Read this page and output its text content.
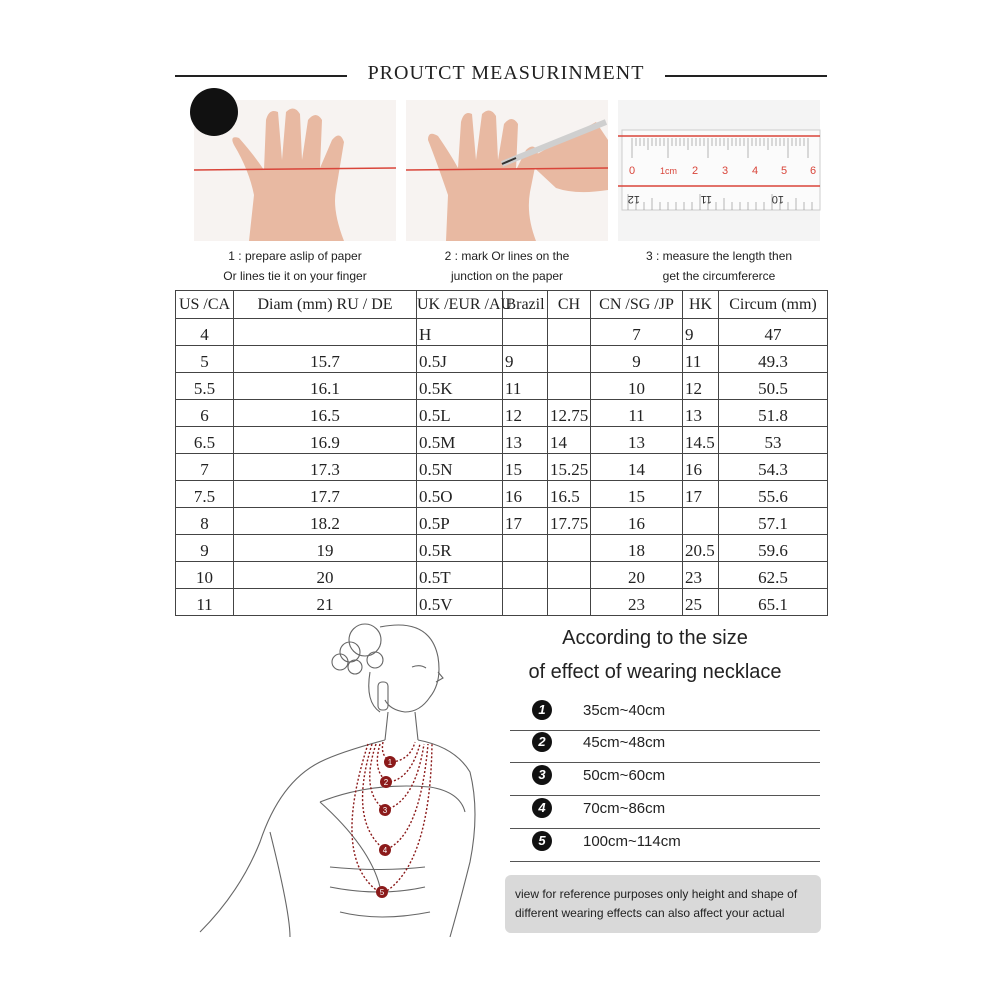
PROUTCT MEASURINMENT
1 : prepare aslip of paper
Or lines tie it on your finger
2 : mark Or lines on the
junction on the paper
0	1cm 2 3 4 5 6
12	11	10
3 : measure the length then
get the circumfererce
US /CA	Diam (mm) RU / DE	UK /EUR /AU	Brazil	CH	CN /SG /JP	HK	Circum (mm)
4		H			7	9	47
5	15.7	0.5J	9		9	11	49.3
5.5	16.1	0.5K	11		10	12	50.5
6	16.5	0.5L	12	12.75	11	13	51.8
6.5	16.9	0.5M	13	14	13	14.5	53
7	17.3	0.5N	15	15.25	14	16	54.3
7.5	17.7	0.5O	16	16.5	15	17	55.6
8	18.2	0.5P	17	17.75	16		57.1
9	19	0.5R			18	20.5	59.6
10	20	0.5T			20	23	62.5
11	21	0.5V			23	25	65.1
1
2
3
4
5
According to the size
of effect of wearing necklace
1	35cm~40cm
2	45cm~48cm
3	50cm~60cm
4	70cm~86cm
5	100cm~114cm
view for reference purposes only height and shape of
different wearing effects can also affect your actual
